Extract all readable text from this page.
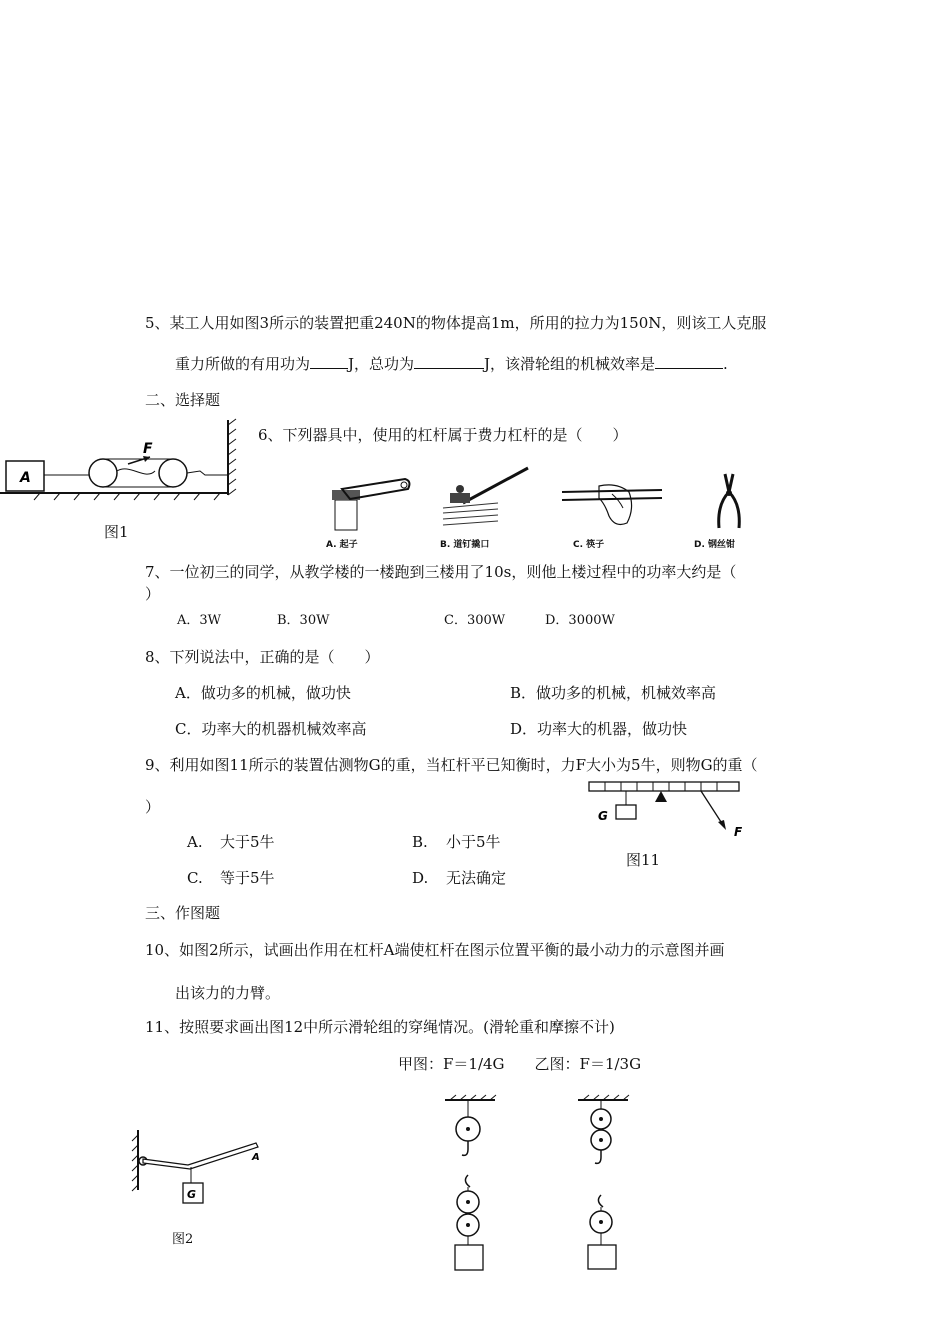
5、某工人用如图3所示的装置把重240N的物体提高1m，所用的拉力为150N，则该工人克服
重力所做的有用功为	J，总功为	J，该滑轮组的机械效率是	.
二、选择题
A
F
图1
6、下列器具中，使用的杠杆属于费力杠杆的是（　　）
A. 起子	B. 道钉撬口	C. 筷子	D. 钢丝钳
7、一位初三的同学，从教学楼的一楼跑到三楼用了10s，则他上楼过程中的功率大约是（
）
A．3W	B．30W	C．300W	D．3000W
8、下列说法中，正确的是（　　）
A．做功多的机械，做功快	B．做功多的机械，机械效率高
C．功率大的机器机械效率高	D．功率大的机器，做功快
9、利用如图11所示的装置估测物G的重，当杠杆平已知衡时，力F大小为5牛，则物G的重（
）	G
F
图11
A. 大于5牛	B. 小于5牛
C. 等于5牛	D. 无法确定
三、作图题
10、如图2所示，试画出作用在杠杆A端使杠杆在图示位置平衡的最小动力的示意图并画
出该力的力臂。
11、按照要求画出图12中所示滑轮组的穿绳情况。(滑轮重和摩擦不计)
甲图：F＝1/4G　　乙图：F＝1/3G
G
A
图2
